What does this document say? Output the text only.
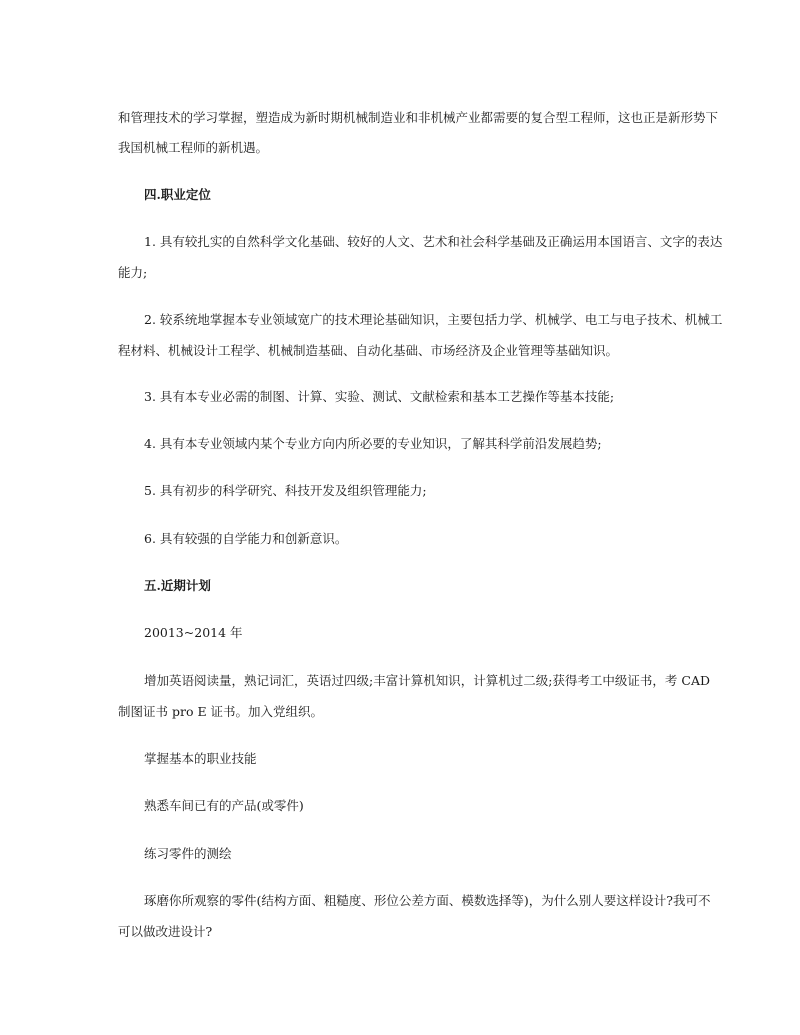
和管理技术的学习掌握，塑造成为新时期机械制造业和非机械产业都需要的复合型工程师，这也正是新形势下
我国机械工程师的新机遇。
四.职业定位
1. 具有较扎实的自然科学文化基础、较好的人文、艺术和社会科学基础及正确运用本国语言、文字的表达
能力;
2. 较系统地掌握本专业领域宽广的技术理论基础知识，主要包括力学、机械学、电工与电子技术、机械工
程材料、机械设计工程学、机械制造基础、自动化基础、市场经济及企业管理等基础知识。
3. 具有本专业必需的制图、计算、实验、测试、文献检索和基本工艺操作等基本技能;
4. 具有本专业领域内某个专业方向内所必要的专业知识，了解其科学前沿发展趋势;
5. 具有初步的科学研究、科技开发及组织管理能力;
6. 具有较强的自学能力和创新意识。
五.近期计划
20013~2014 年
增加英语阅读量，熟记词汇，英语过四级;丰富计算机知识，计算机过二级;获得考工中级证书，考 CAD
制图证书 pro E 证书。加入党组织。
掌握基本的职业技能
熟悉车间已有的产品(或零件)
练习零件的测绘
琢磨你所观察的零件(结构方面、粗糙度、形位公差方面、模数选择等)，为什么别人要这样设计?我可不
可以做改进设计?
